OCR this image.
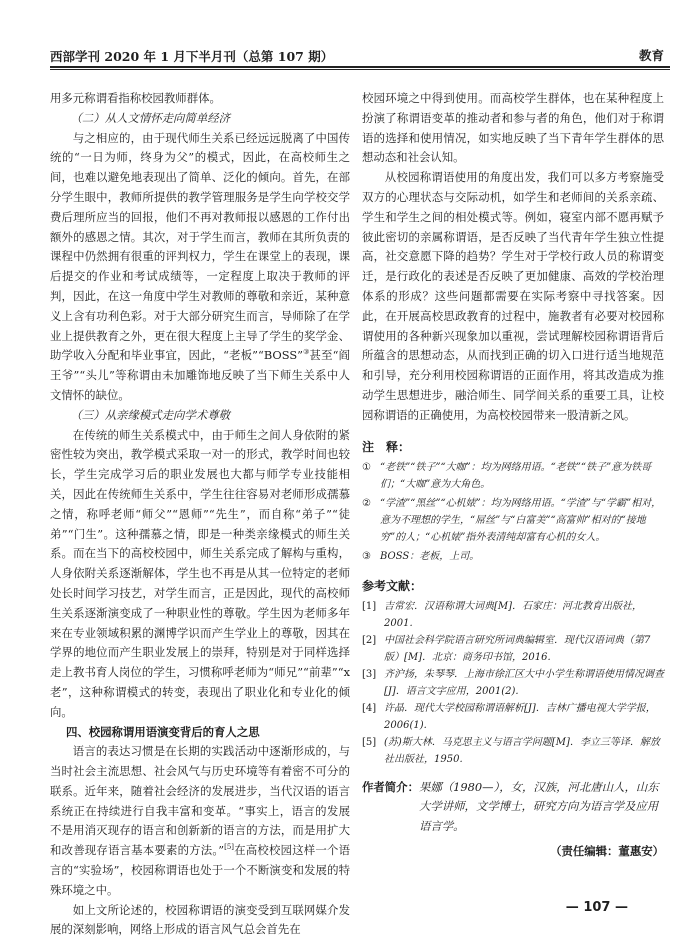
西部学刊 2020 年 1 月下半月刊（总第 107 期）	教育

用多元称谓看指称校园教师群体。

（二）从人文情怀走向简单经济

与之相应的，由于现代师生关系已经远远脱离了中国传统的“一日为师，终身为父”的模式，因此，在高校师生之间，也难以避免地表现出了简单、泛化的倾向。首先，在部分学生眼中，教师所提供的教学管理服务是学生向学校交学费后理所应当的回报，他们不再对教师报以感恩的工作付出额外的感恩之情。其次，对于学生而言，教师在其所负责的课程中仍然拥有很重的评判权力，学生在课堂上的表现，课后提交的作业和考试成绩等，一定程度上取决于教师的评判，因此，在这一角度中学生对教师的尊敬和亲近，某种意义上含有功利色彩。对于大部分研究生而言，导师除了在学业上提供教育之外，更在很大程度上主导了学生的奖学金、助学收入分配和毕业事宜，因此，“老板”“BOSS”③甚至“阎王爷”“头儿”等称谓由未加雕饰地反映了当下师生关系中人文情怀的缺位。

（三）从亲缘模式走向学术尊敬

在传统的师生关系模式中，由于师生之间人身依附的紧密性较为突出，教学模式采取一对一的形式，教学时间也较长，学生完成学习后的职业发展也大都与师学专业技能相关，因此在传统师生关系中，学生往往容易对老师形成孺慕之情，称呼老师“师父”“恩师”“先生”，而自称“弟子”“徒弟”“门生”。这种孺慕之情，即是一种类亲缘模式的师生关系。而在当下的高校校园中，师生关系完成了解构与重构，人身依附关系逐渐解体，学生也不再是从其一位特定的老师处长时间学习技艺，对学生而言，正是因此，现代的高校师生关系逐渐演变成了一种职业性的尊敬。学生因为老师多年来在专业领域积累的渊博学识而产生学业上的尊敬，因其在学界的地位而产生职业发展上的崇拜，特别是对于同样选择走上教书育人岗位的学生，习惯称呼老师为“师兄”“前辈”“x老”，这种称谓模式的转变，表现出了职业化和专业化的倾向。

四、校园称谓用语演变背后的育人之思

语言的表达习惯是在长期的实践活动中逐渐形成的，与当时社会主流思想、社会风气与历史环境等有着密不可分的联系。近年来，随着社会经济的发展进步，当代汉语的语言系统正在持续进行自我丰富和变革。“事实上，语言的发展不是用消灭现存的语言和创新新的语言的方法，而是用扩大和改善现存语言基本要素的方法。”[5]在高校校园这样一个语言的“实验场”，校园称谓语也处于一个不断演变和发展的特殊环境之中。

如上文所论述的，校园称谓语的演变受到互联网媒介发展的深刻影响，网络上形成的语言风气总会首先在

校园环境之中得到使用。而高校学生群体，也在某种程度上扮演了称谓语变革的推动者和参与者的角色，他们对于称谓语的选择和使用情况，如实地反映了当下青年学生群体的思想动态和社会认知。

从校园称谓语使用的角度出发，我们可以多方考察施受双方的心理状态与交际动机，如学生和老师间的关系亲疏、学生和学生之间的相处模式等。例如，寝室内部不愿再赋予彼此密切的亲属称谓语，是否反映了当代青年学生独立性提高，社交意愿下降的趋势？学生对于学校行政人员的称谓变迁，是行政化的表述是否反映了更加健康、高效的学校治理体系的形成？这些问题都需要在实际考察中寻找答案。因此，在开展高校思政教育的过程中，施教者有必要对校园称谓使用的各种新兴现象加以重视，尝试理解校园称谓语背后所蕴含的思想动态，从而找到正确的切入口进行适当地规范和引导，充分利用校园称谓语的正面作用，将其改造成为推动学生思想进步，融洽师生、同学间关系的重要工具，让校园称谓语的正确使用，为高校校园带来一股清新之风。

注　释：
① “老铁”“铁子”“大咖”：均为网络用语。“老铁”“铁子”意为铁哥们；“大咖”意为大角色。
② “学渣”“黑丝”“心机婊”：均为网络用语。“学渣”与“学霸”相对，意为不理想的学生，“屌丝”与“白富美”“高富帅”相对的“接地穷”的人；“心机婊”指外表清纯却富有心机的女人。
③ BOSS：老板，上司。
参考文献：
[1] 吉常宏．汉语称谓大词典[M]．石家庄：河北教育出版社，2001.
[2] 中国社会科学院语言研究所词典编辑室．现代汉语词典（第7版）[M]．北京：商务印书馆，2016.
[3] 齐沪扬，朱琴琴．上海市徐汇区大中小学生称谓语使用情况调查[J]．语言文字应用，2001(2).
[4] 许晶．现代大学校园称谓语解析[J]．吉林广播电视大学学报，2006(1).
[5] (苏)斯大林．马克思主义与语言学问题[M]．李立三等译．解放社出版社，1950.
作者简介： 果娜（1980—），女，汉族，河北唐山人，山东大学讲师，文学博士，研究方向为语言学及应用语言学。
（责任编辑：董惠安）
— 107 —
